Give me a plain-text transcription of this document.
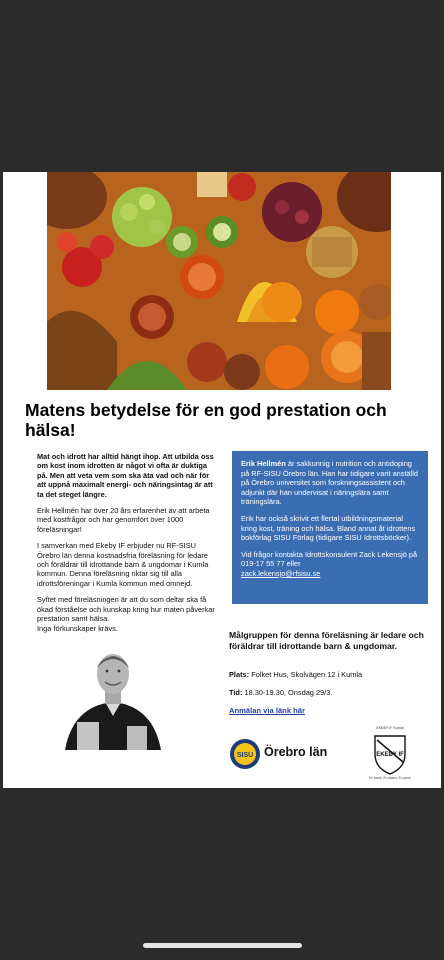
Matens betydelse för en god prestation och hälsa!

Mat och idrott har alltid hängt ihop. Att utbilda oss om kost inom idrotten är något vi ofta är duktiga på. Men att veta vem som ska äta vad och när för att uppnå maximalt energi- och näringsintag är att ta det steget längre.

Erik Hellmén har över 20 års erfarenhet av att arbeta med kostfrågor och har genomfört över 1000 föreläsningar!

I samverkan med Ekeby IF erbjuder nu RF-SISU Örebro län denna kostnadsfria föreläsning för ledare och föräldrar till idrottande barn & ungdomar i Kumla kommun. Denna föreläsning riktar sig till alla idrottsföreningar i Kumla kommun med omnejd.

Syftet med föreläsningen är att du som deltar ska få ökad förståelse och kunskap kring hur maten påverkar prestation samt hälsa.

Inga förkunskaper krävs.

Erik Hellmén är sakkunnig i nutrition och antidoping på RF-SISU Örebro län. Han har tidigare varit anställd på Örebro universitet som forskningsassistent och adjunkt där han undervisat i näringslära samt träningslära.

Erik har också skrivit ett flertal utbildningsmaterial kring kost, träning och hälsa. Bland annat åt idrottens bokförlag SISU Förlag (tidigare SISU Idrottsböcker).

Vid frågor kontakta Idrottskonsulent Zack Lekensjö på 019-17 55 77 eller

zack.lekensjo@rfsisu.se
Målgruppen för denna föreläsning är ledare och föräldrar till idrottande barn & ungdomar.
Plats: Folket Hus, Skolvägen 12 i Kumla
Tid: 18.30-19.30, Onsdag 29/3.
Anmälan via länk här
SISU Örebro län
EKEBY IF Kumla
EKEBY IF
En klubb, En bladm, En arme
